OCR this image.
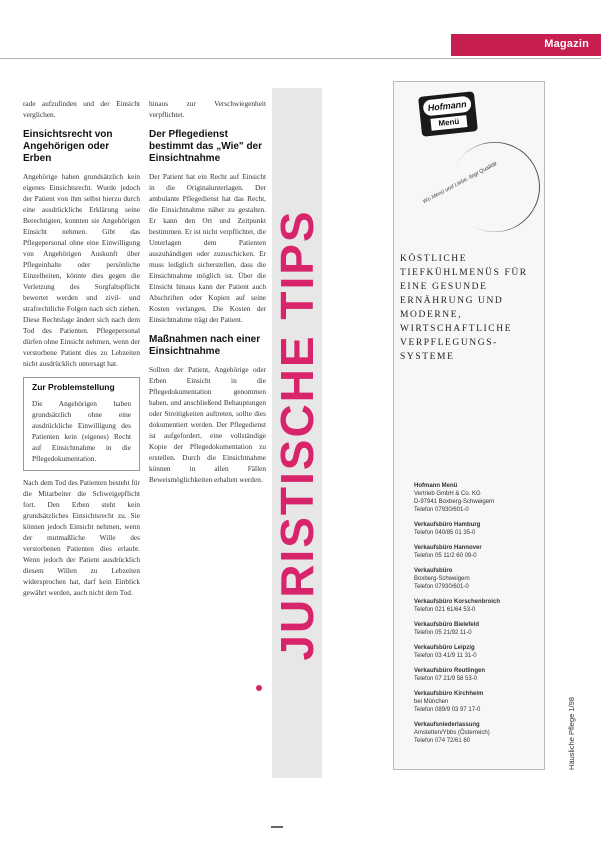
Magazin

rade aufzufinden und der Einsicht verglichen.

Einsichtsrecht von Angehörigen oder Erben

Angehörige haben grundsätzlich kein eigenes Einsichtsrecht. Wurde jedoch der Patient von ihm selbst hierzu durch eine ausdrückliche Erklärung seine Berechtigten, konnten sie Angehörigen Einsicht nehmen. Gibt das Pflegepersonal ohne eine Einwilligung von Angehörigen Auskunft über Pflegeinhalte oder persönliche Einzelheiten, könnte dies gegen die Verletzung des Sorgfaltspflicht bewertet werden und zivil- und strafrechtliche Folgen nach sich ziehen. Diese Rechtslage ändert sich nach dem Tod des Patienten. Pflegepersonal dürfen ohne Einsicht nehmen, wenn der verstorbene Patient dies zu Lebzeiten nicht ausdrücklich untersagt hat.

Zur Problemstellung

Die Angehörigen haben grundsätzlich ohne eine ausdrückliche Einwilligung des Patienten kein (eigenes) Recht auf Einsichtnahme in die Pflegedokumentation.

Nach dem Tod des Patienten besteht für die Mitarbeiter die Schweigepflicht fort. Den Erben steht kein grundsätzliches Einsichtsrecht zu. Sie können jedoch Einsicht nehmen, wenn der mutmaßliche Wille des verstorbenen Patienten dies erlaubt. Wenn jedoch der Patient ausdrücklich diesem Willen zu Lebzeiten widersprochen hat, darf kein Einblick gewährt werden, auch nicht dem Tod.

hinaus zur Verschwiegenheit verpflichtet.

Der Pflegedienst bestimmt das „Wie" der Einsichtnahme

Der Patient hat ein Recht auf Einsicht in die Originalunterlagen. Der ambulante Pflegedienst hat das Recht, die Einsichtnahme näher zu gestalten. Er kann den Ort und Zeitpunkt bestimmen. Er ist nicht verpflichtet, die Unterlagen dem Patienten auszuhändigen oder zuzuschicken. Er muss lediglich sicherstellen, dass die Einsichtnahme möglich ist. Über die Einsicht hinaus kann der Patient auch Abschriften oder Kopien auf seine Kosten verlangen. Die Kosten der Einsichtnahme trägt der Patient.

Maßnahmen nach einer Einsichtnahme

Sollten der Patient, Angehörige oder Erben Einsicht in die Pflegedokumentation genommen haben, und anschließend Behauptungen oder Streitigkeiten auftreten, sollte dies dokumentiert werden. Der Pflegedienst ist aufgefordert, eine vollständige Kopie der Pflegedokumentation zu erstellen. Durch die Einsichtnahme können in allen Fällen Beweismöglichkeiten erhalten werden. JURISTISCHE TIPS
Hofmann
Menü
Wo Menü und Liebe, liegt Qualität
KÖSTLICHE TIEFKÜHLMENÜS FÜR EINE GESUNDE ERNÄHRUNG UND MODERNE, WIRTSCHAFTLICHE VERPFLEGUNGS-SYSTEME
Hofmann Menü
Vertrieb GmbH & Co. KG
D-97941 Boxberg-Schweigern
Telefon 07930/601-0
Verkaufsbüro Hamburg
Telefon 040/85 01 35-0
Verkaufsbüro Hannover
Telefon 05 11/2 60 09-0
Verkaufsbüro
Boxberg-Schweigern
Telefon 07930/601-0
Verkaufsbüro Korschenbroich
Telefon 021 61/64 53-0
Verkaufsbüro Bielefeld
Telefon 05 21/92 11-0
Verkaufsbüro Leipzig
Telefon 03 41/9 11 31-0
Verkaufsbüro Reutlingen
Telefon 07 21/9 58 53-0
Verkaufsbüro Kirchheim
bei München
Telefon 089/9 03 97 17-0
Verkaufsniederlassung
Amstetten/Ybbs (Österreich)
Telefon 074 72/61 60	Häusliche Pflege 1/98
